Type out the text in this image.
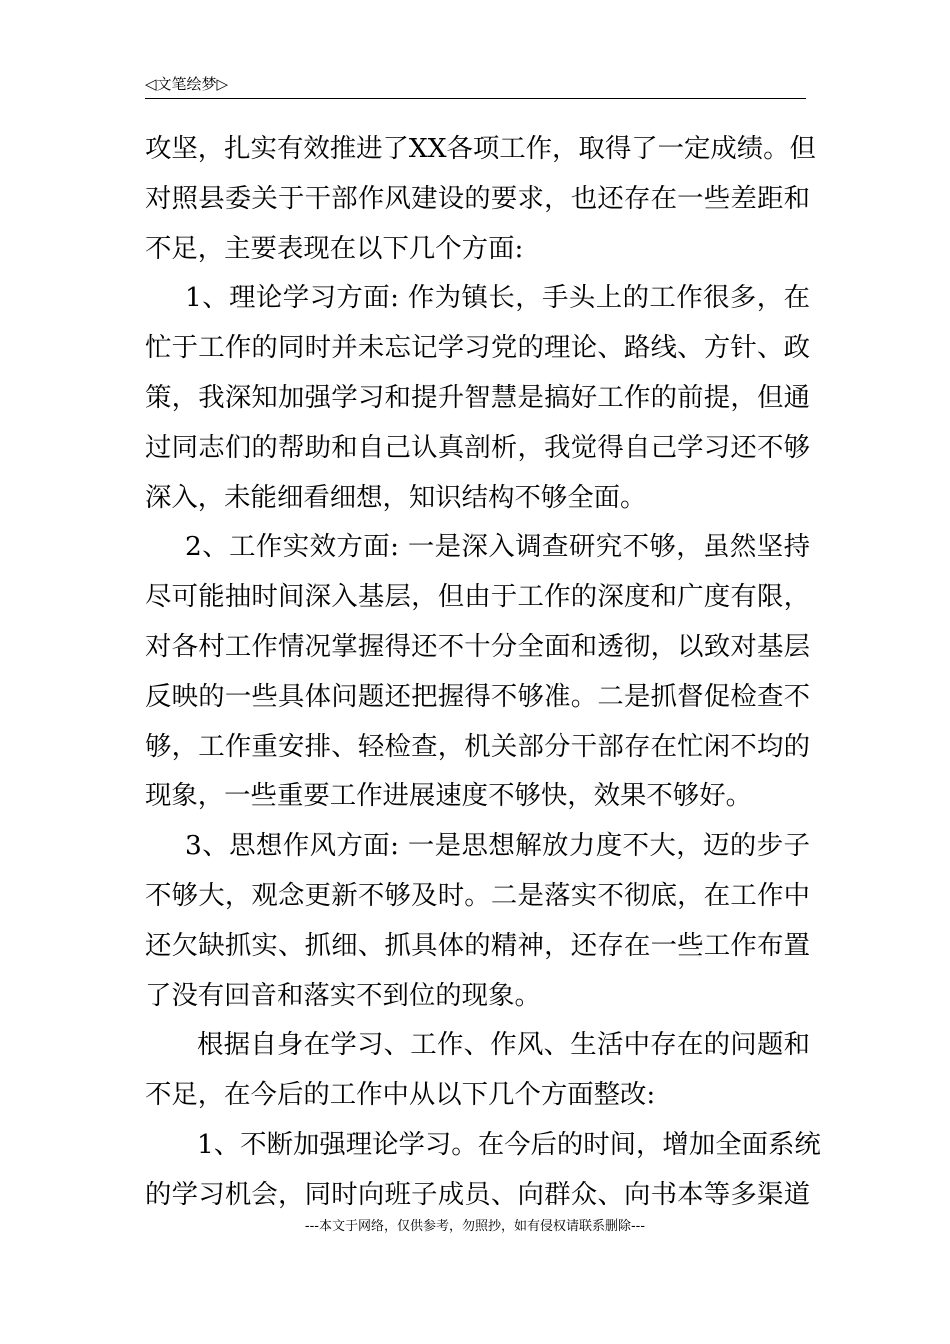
◁文笔绘梦▷
攻坚，扎实有效推进了XX各项工作，取得了一定成绩。但
对照县委关于干部作风建设的要求，也还存在一些差距和
不足，主要表现在以下几个方面:
1、理论学习方面: 作为镇长，手头上的工作很多，在
忙于工作的同时并未忘记学习党的理论、路线、方针、政
策，我深知加强学习和提升智慧是搞好工作的前提，但通
过同志们的帮助和自己认真剖析，我觉得自己学习还不够
深入，未能细看细想，知识结构不够全面。
2、工作实效方面: 一是深入调查研究不够，虽然坚持
尽可能抽时间深入基层，但由于工作的深度和广度有限，
对各村工作情况掌握得还不十分全面和透彻，以致对基层
反映的一些具体问题还把握得不够准。二是抓督促检查不
够，工作重安排、轻检查，机关部分干部存在忙闲不均的
现象，一些重要工作进展速度不够快，效果不够好。
3、思想作风方面: 一是思想解放力度不大，迈的步子
不够大，观念更新不够及时。二是落实不彻底，在工作中
还欠缺抓实、抓细、抓具体的精神，还存在一些工作布置
了没有回音和落实不到位的现象。
根据自身在学习、工作、作风、生活中存在的问题和
不足，在今后的工作中从以下几个方面整改:
1、不断加强理论学习。在今后的时间，增加全面系统
的学习机会，同时向班子成员、向群众、向书本等多渠道
---本文于网络，仅供参考，勿照抄，如有侵权请联系删除---
